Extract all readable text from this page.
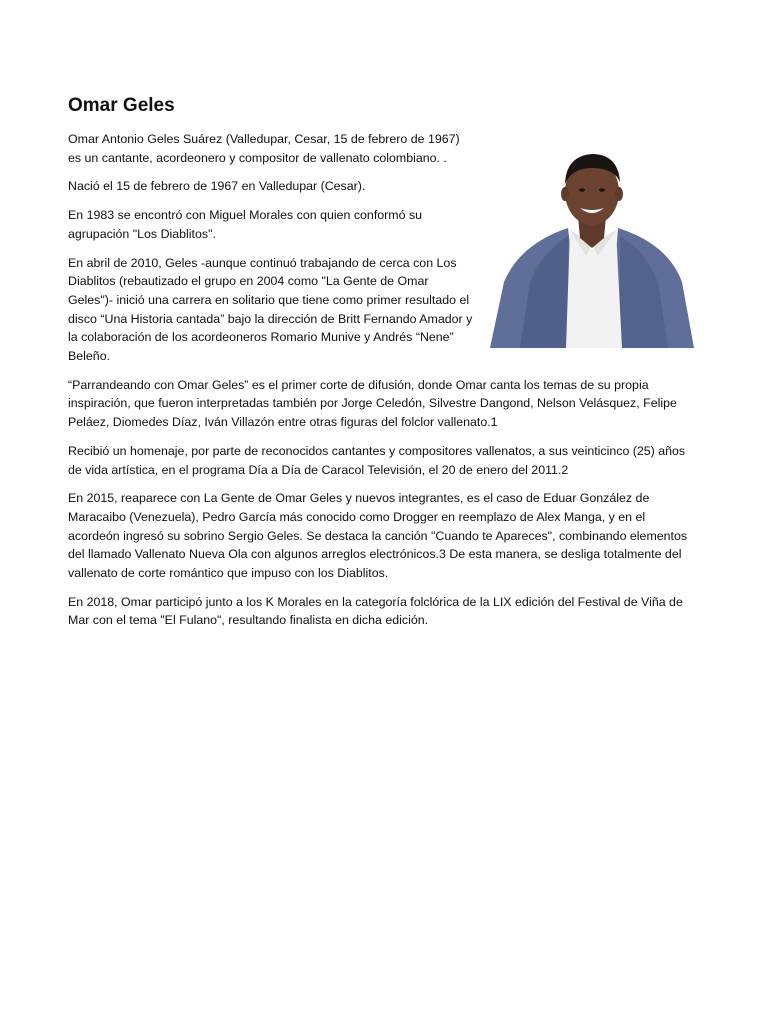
Omar Geles

Omar Antonio Geles Suárez (Valledupar, Cesar, 15 de febrero de 1967) es un cantante, acordeonero y compositor de vallenato colombiano. .

Nació el 15 de febrero de 1967 en Valledupar (Cesar).

En 1983 se encontró con Miguel Morales con quien conformó su agrupación "Los Diablitos".

En abril de 2010, Geles -aunque continuó trabajando de cerca con Los Diablitos (rebautizado el grupo en 2004 como "La Gente de Omar Geles")- inició una carrera en solitario que tiene como primer resultado el disco “Una Historia cantada” bajo la dirección de Britt Fernando Amador y la colaboración de los acordeoneros Romario Munive y Andrés “Nene” Beleño.

“Parrandeando con Omar Geles” es el primer corte de difusión, donde Omar canta los temas de su propia inspiración, que fueron interpretadas también por Jorge Celedón, Silvestre Dangond, Nelson Velásquez, Felipe Peláez, Diomedes Díaz, Iván Villazón entre otras figuras del folclor vallenato.1

Recibió un homenaje, por parte de reconocidos cantantes y compositores vallenatos, a sus veinticinco (25) años de vida artística, en el programa Día a Día de Caracol Televisión, el 20 de enero del 2011.2

En 2015, reaparece con La Gente de Omar Geles y nuevos integrantes, es el caso de Eduar González de Maracaibo (Venezuela), Pedro García más conocido como Drogger en reemplazo de Alex Manga, y en el acordeón ingresó su sobrino Sergio Geles. Se destaca la canción "Cuando te Apareces", combinando elementos del llamado Vallenato Nueva Ola con algunos arreglos electrónicos.3 De esta manera, se desliga totalmente del vallenato de corte romántico que impuso con los Diablitos.

En 2018, Omar participó junto a los K Morales en la categoría folclórica de la LIX edición del Festival de Viña de Mar con el tema "El Fulano", resultando finalista en dicha edición.
